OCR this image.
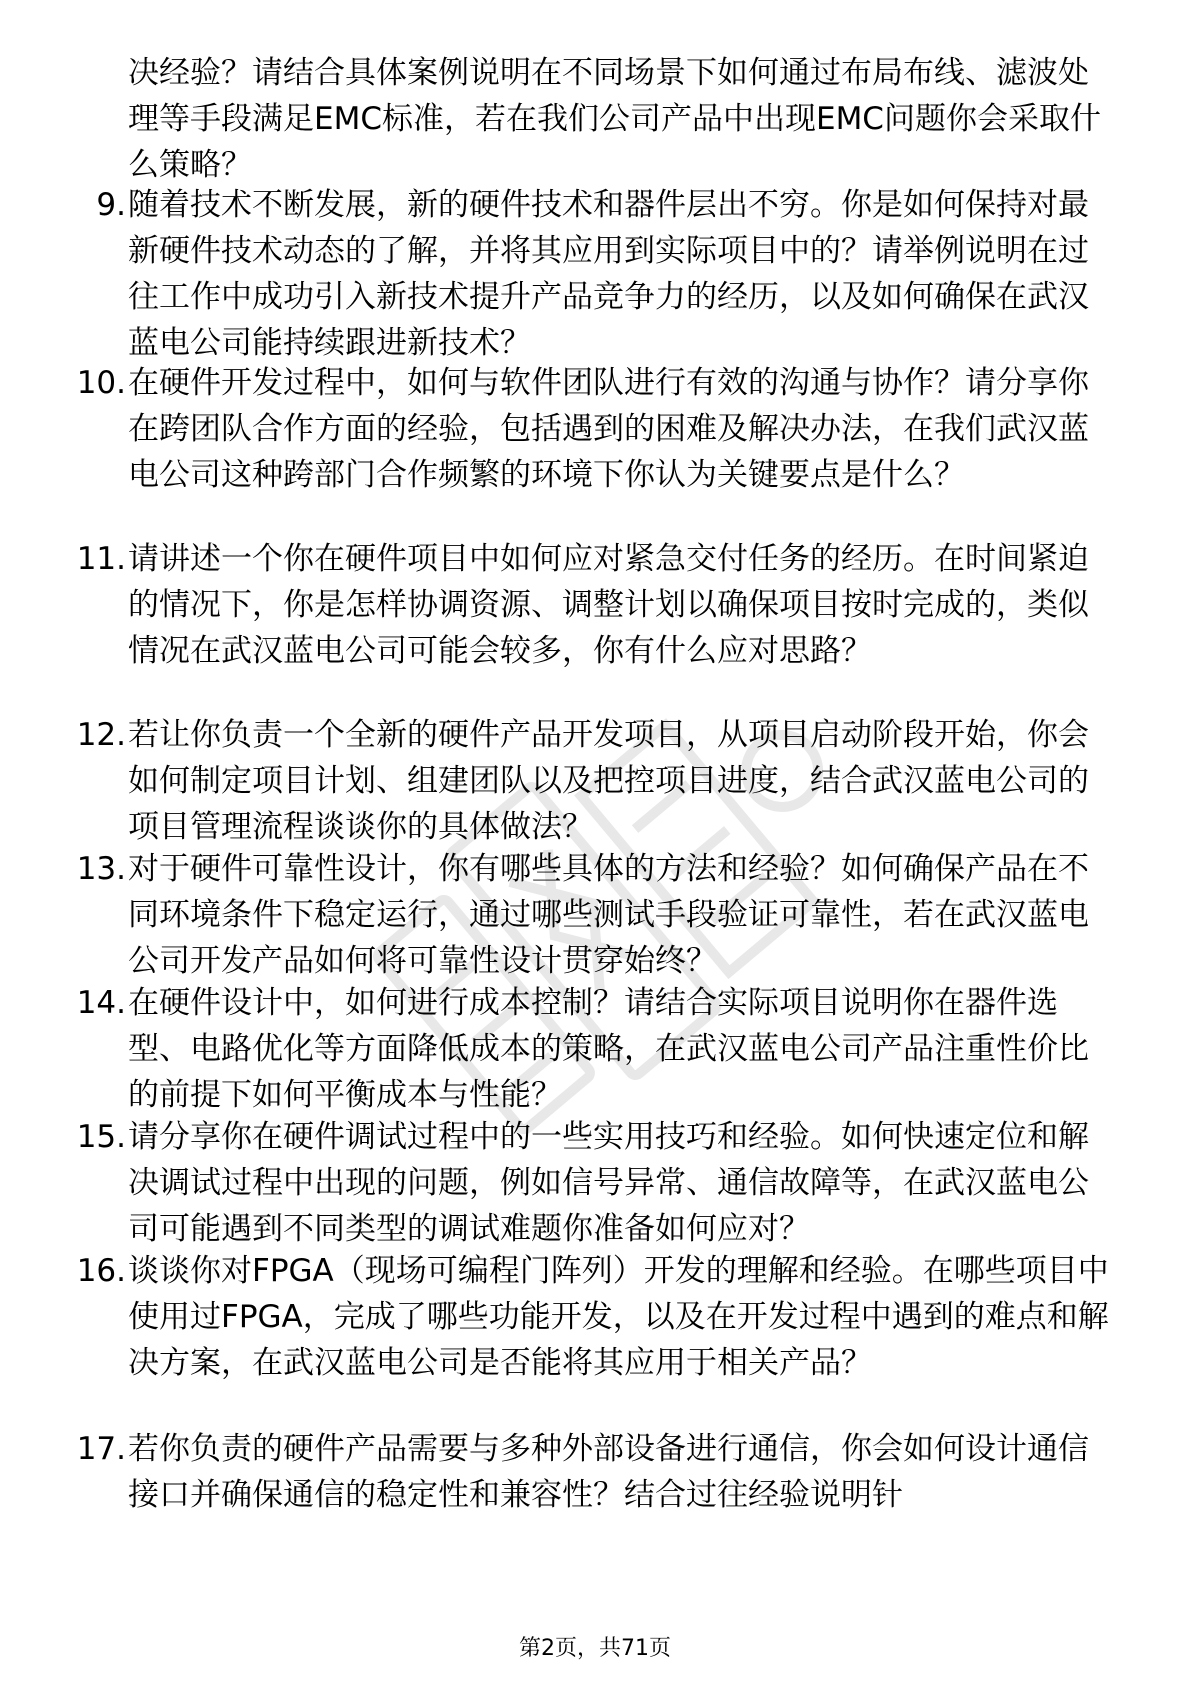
决经验？请结合具体案例说明在不同场景下如何通过布局布线、滤波处理等手段满足EMC标准，若在我们公司产品中出现EMC问题你会采取什么策略？
9. 随着技术不断发展，新的硬件技术和器件层出不穷。你是如何保持对最新硬件技术动态的了解，并将其应用到实际项目中的？请举例说明在过往工作中成功引入新技术提升产品竞争力的经历，以及如何确保在武汉蓝电公司能持续跟进新技术？
10. 在硬件开发过程中，如何与软件团队进行有效的沟通与协作？请分享你在跨团队合作方面的经验，包括遇到的困难及解决办法，在我们武汉蓝电公司这种跨部门合作频繁的环境下你认为关键要点是什么？
11. 请讲述一个你在硬件项目中如何应对紧急交付任务的经历。在时间紧迫的情况下，你是怎样协调资源、调整计划以确保项目按时完成的，类似情况在武汉蓝电公司可能会较多，你有什么应对思路？
12. 若让你负责一个全新的硬件产品开发项目，从项目启动阶段开始，你会如何制定项目计划、组建团队以及把控项目进度，结合武汉蓝电公司的项目管理流程谈谈你的具体做法？
13. 对于硬件可靠性设计，你有哪些具体的方法和经验？如何确保产品在不同环境条件下稳定运行，通过哪些测试手段验证可靠性，若在武汉蓝电公司开发产品如何将可靠性设计贯穿始终？
14. 在硬件设计中，如何进行成本控制？请结合实际项目说明你在器件选型、电路优化等方面降低成本的策略，在武汉蓝电公司产品注重性价比的前提下如何平衡成本与性能？
15. 请分享你在硬件调试过程中的一些实用技巧和经验。如何快速定位和解决调试过程中出现的问题，例如信号异常、通信故障等，在武汉蓝电公司可能遇到不同类型的调试难题你准备如何应对？
16. 谈谈你对FPGA（现场可编程门阵列）开发的理解和经验。在哪些项目中使用过FPGA，完成了哪些功能开发，以及在开发过程中遇到的难点和解决方案，在武汉蓝电公司是否能将其应用于相关产品？
17. 若你负责的硬件产品需要与多种外部设备进行通信，你会如何设计通信接口并确保通信的稳定性和兼容性？结合过往经验说明针
第2页，共71页
